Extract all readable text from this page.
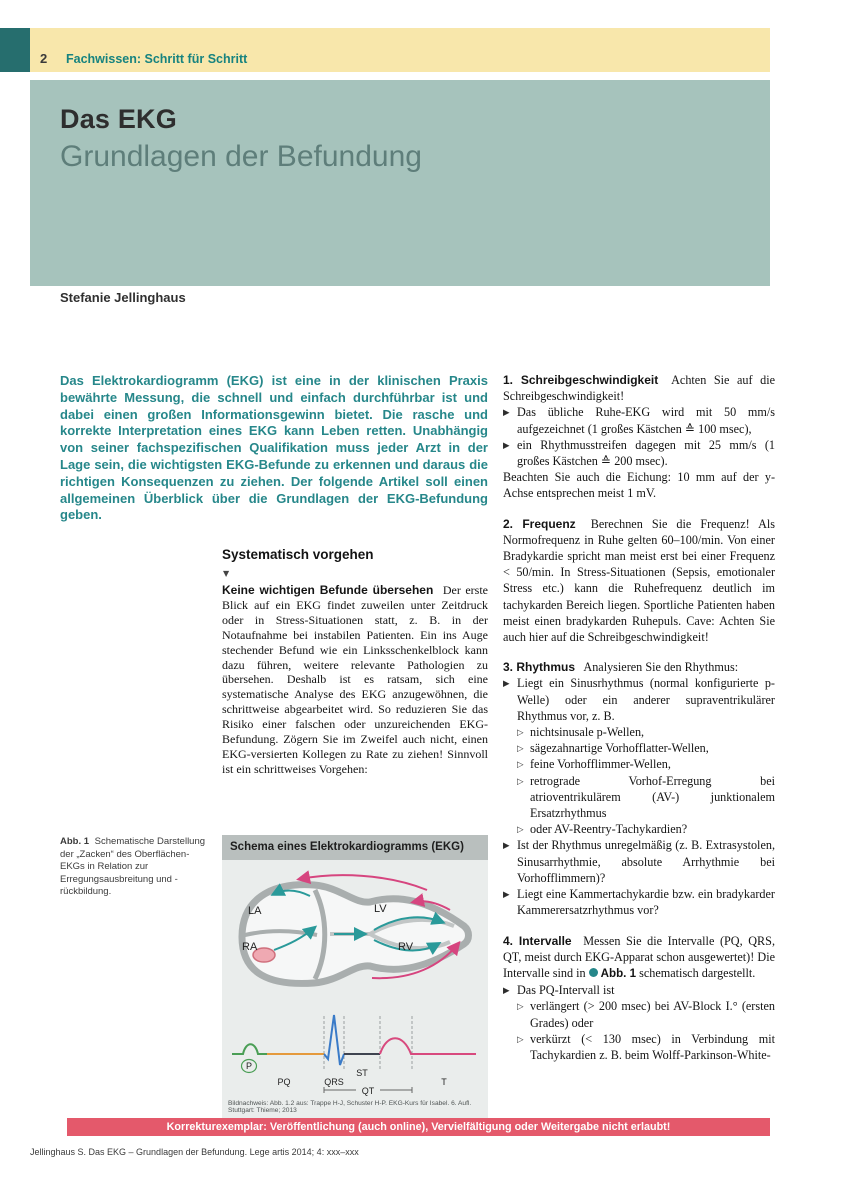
2	Fachwissen: Schritt für Schritt
Das EKG
Grundlagen der Befundung
Stefanie Jellinghaus
Das Elektrokardiogramm (EKG) ist eine in der klinischen Praxis bewährte Messung, die schnell und einfach durchführbar ist und dabei einen großen Informationsgewinn bietet. Die rasche und korrekte Interpretation eines EKG kann Leben retten. Unabhängig von seiner fachspezifischen Qualifikation muss jeder Arzt in der Lage sein, die wichtigsten EKG-Befunde zu erkennen und daraus die richtigen Konsequenzen zu ziehen. Der folgende Artikel soll einen allgemeinen Überblick über die Grundlagen der EKG-Befundung geben.
Systematisch vorgehen
▼
Keine wichtigen Befunde übersehen Der erste Blick auf ein EKG findet zuweilen unter Zeitdruck oder in Stress-Situationen statt, z. B. in der Notaufnahme bei instabilen Patienten. Ein ins Auge stechender Befund wie ein Linksschenkelblock kann dazu führen, weitere relevante Pathologien zu übersehen. Deshalb ist es ratsam, sich eine systematische Analyse des EKG anzugewöhnen, die schrittweise abgearbeitet wird. So reduzieren Sie das Risiko einer falschen oder unzureichenden EKG-Befundung. Zögern Sie im Zweifel auch nicht, einen EKG-versierten Kollegen zu Rate zu ziehen! Sinnvoll ist ein schrittweises Vorgehen:
Abb. 1 Schematische Darstellung der „Zacken“ des Oberflächen-EKGs in Relation zur Erregungsausbreitung und -rückbildung.
Schema eines Elektrokardiogramms (EKG)
LA	LV
RA	RV
P
PQ	QRS
ST
QT
T
Bildnachweis: Abb. 1.2 aus: Trappe H-J, Schuster H-P. EKG-Kurs für Isabel. 6. Aufl. Stuttgart: Thieme; 2013

1. Schreibgeschwindigkeit Achten Sie auf die Schreibgeschwindigkeit!

▶ Das übliche Ruhe-EKG wird mit 50 mm/s aufgezeichnet (1 großes Kästchen ≙ 100 msec),
▶ ein Rhythmusstreifen dagegen mit 25 mm/s (1 großes Kästchen ≙ 200 msec).

Beachten Sie auch die Eichung: 10 mm auf der y-Achse entsprechen meist 1 mV.

2. Frequenz Berechnen Sie die Frequenz! Als Normofrequenz in Ruhe gelten 60–100/min. Von einer Bradykardie spricht man meist erst bei einer Frequenz < 50/min. In Stress-Situationen (Sepsis, emotionaler Stress etc.) kann die Ruhefrequenz deutlich im tachykarden Bereich liegen. Sportliche Patienten haben meist einen bradykarden Ruhepuls. Cave: Achten Sie auch hier auf die Schreibgeschwindigkeit!

3. Rhythmus Analysieren Sie den Rhythmus:

▶ Liegt ein Sinusrhythmus (normal konfigurierte p-Welle) oder ein anderer supraventrikulärer Rhythmus vor, z. B.
▷ nichtsinusale p-Wellen,
▷ sägezahnartige Vorhofflatter-Wellen,
▷ feine Vorhofflimmer-Wellen,
▷ retrograde Vorhof-Erregung bei atrioventrikulärem (AV-) junktionalem Ersatzrhythmus
▷ oder AV-Reentry-Tachykardien?
▶ Ist der Rhythmus unregelmäßig (z. B. Extrasystolen, Sinusarrhythmie, absolute Arrhythmie bei Vorhofflimmern)?
▶ Liegt eine Kammertachykardie bzw. ein bradykarder Kammerersatzrhythmus vor?

4. Intervalle Messen Sie die Intervalle (PQ, QRS, QT, meist durch EKG-Apparat schon ausgewertet)! Die Intervalle sind in Abb. 1 schematisch dargestellt.

▶ Das PQ-Intervall ist
▷ verlängert (> 200 msec) bei AV-Block I.° (ersten Grades) oder
▷ verkürzt (< 130 msec) in Verbindung mit Tachykardien z. B. beim Wolff-Parkinson-White-
Korrekturexemplar: Veröffentlichung (auch online), Vervielfältigung oder Weitergabe nicht erlaubt!
Jellinghaus S. Das EKG – Grundlagen der Befundung. Lege artis 2014; 4: xxx–xxx
